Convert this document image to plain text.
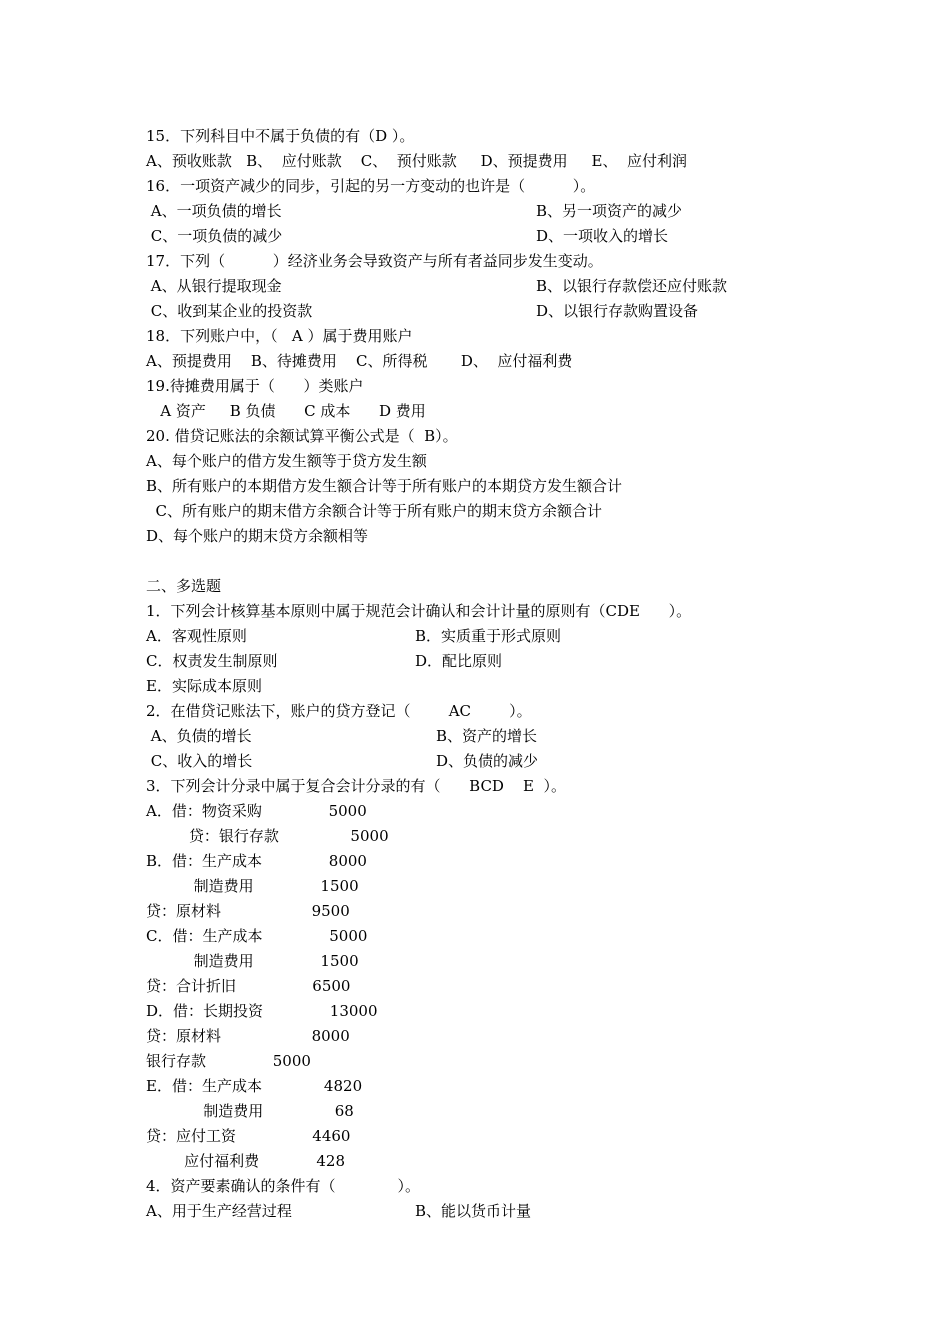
15．下列科目中不属于负债的有（D ）。
A、预收账款   B、  应付账款    C、  预付账款     D、预提费用     E、  应付利润
16．一项资产减少的同步，引起的另一方变动的也许是（          ）。
A、一项负债的增长	B、另一项资产的减少
C、一项负债的减少	D、一项收入的增长
17．下列（          ）经济业务会导致资产与所有者益同步发生变动。
A、从银行提取现金	B、以银行存款偿还应付账款
C、收到某企业的投资款	D、以银行存款购置设备
18．下列账户中，（   A ）属于费用账户
A、预提费用    B、待摊费用    C、所得税       D、  应付福利费
19.待摊费用属于（      ）类账户
A 资产     B 负债      C 成本      D 费用
20. 借贷记账法的余额试算平衡公式是（  B）。
A、每个账户的借方发生额等于贷方发生额
B、所有账户的本期借方发生额合计等于所有账户的本期贷方发生额合计
C、所有账户的期末借方余额合计等于所有账户的期末贷方余额合计
D、每个账户的期末贷方余额相等
二、多选题
1．下列会计核算基本原则中属于规范会计确认和会计计量的原则有（CDE      ）。
A．客观性原则	B．实质重于形式原则
C．权责发生制原则	D．配比原则
E．实际成本原则
2．在借贷记账法下，账户的贷方登记（        AC        ）。
A、负债的增长	B、资产的增长
C、收入的增长	D、负债的减少
3．下列会计分录中属于复合会计分录的有（      BCD    E  ）。
A．借：物资采购              5000
贷：银行存款               5000
B．借：生产成本              8000
制造费用              1500
贷：原材料                   9500
C．借：生产成本              5000
制造费用              1500
贷：合计折旧                6500
D．借：长期投资              13000
贷：原材料                   8000
银行存款              5000
E．借：生产成本             4820
制造费用               68
贷：应付工资                4460
应付福利费            428
4．资产要素确认的条件有（             ）。
A、用于生产经营过程	B、能以货币计量
